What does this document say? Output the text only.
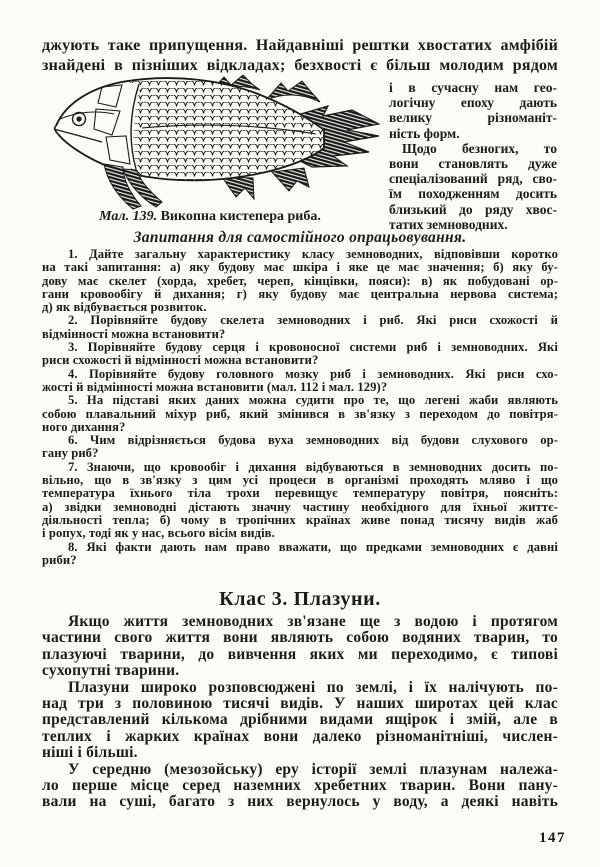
джують таке припущення. Найдавніші рештки хвостатих амфібій
знайдені в пізніших відкладах; безхвості є більш молодим рядом
і в сучасну нам гео-
логічну епоху дають
велику різноманіт-
ність форм.
Щодо безногих, то
вони становлять дуже
спеціалізований ряд, сво-
їм походженням досить
близький до ряду хвос-
татих земноводних.
Мал. 139. Викопна кистепера риба.
Запитання для самостійного опрацьовування.
1. Дайте загальну характеристику класу земноводних, відповівши коротко
на такі запитання: а) яку будову має шкіра і яке це має значення; б) яку бу-
дову має скелет (хорда, хребет, череп, кінцівки, пояси): в) як побудовані ор-
гани кровообігу й дихання; г) яку будову має центральна нервова система;
д) як відбувається розвиток.
2. Порівняйте будову скелета земноводних і риб. Які риси схожості й
відмінності можна встановити?
3. Порівняйте будову серця і кровоносної системи риб і земноводних. Які
риси схожості й відмінності можна встановити?
4. Порівняйте будову головного мозку риб і земноводних. Які риси схо-
жості й відмінності можна встановити (мал. 112 і мал. 129)?
5. На підставі яких даних можна судити про те, що легені жаби являють
собою плавальний міхур риб, який змінився в зв'язку з переходом до повітря-
ного дихання?
6. Чим відрізняється будова вуха земноводних від будови слухового ор-
гану риб?
7. Знаючи, що кровообіг і дихання відбуваються в земноводних досить по-
вільно, що в зв'язку з цим усі процеси в організмі проходять мляво і що
температура їхнього тіла трохи перевищує температуру повітря, поясніть:
а) звідки земноводні дістають значну частину необхідного для їхньої життє-
діяльності тепла; б) чому в тропічних країнах живе понад тисячу видів жаб
і ропух, тоді як у нас, всього вісім видів.
8. Які факти дають нам право вважати, що предками земноводних є давні
риби?
Клас 3. Плазуни.
Якщо життя земноводних зв'язане ще з водою і протягом
частини свого життя вони являють собою водяних тварин, то
плазуючі тварини, до вивчення яких ми переходимо, є типові
сухопутні тварини.
Плазуни широко розповсюджені по землі, і їх налічують по-
над три з половиною тисячі видів. У наших широтах цей клас
представлений кількома дрібними видами ящірок і змій, але в
теплих і жарких країнах вони далеко різноманітніші, числен-
ніші і більші.
У середню (мезозойську) еру історії землі плазунам належа-
ло перше місце серед наземних хребетних тварин. Вони пану-
вали на суші, багато з них вернулось у воду, а деякі навіть
147
